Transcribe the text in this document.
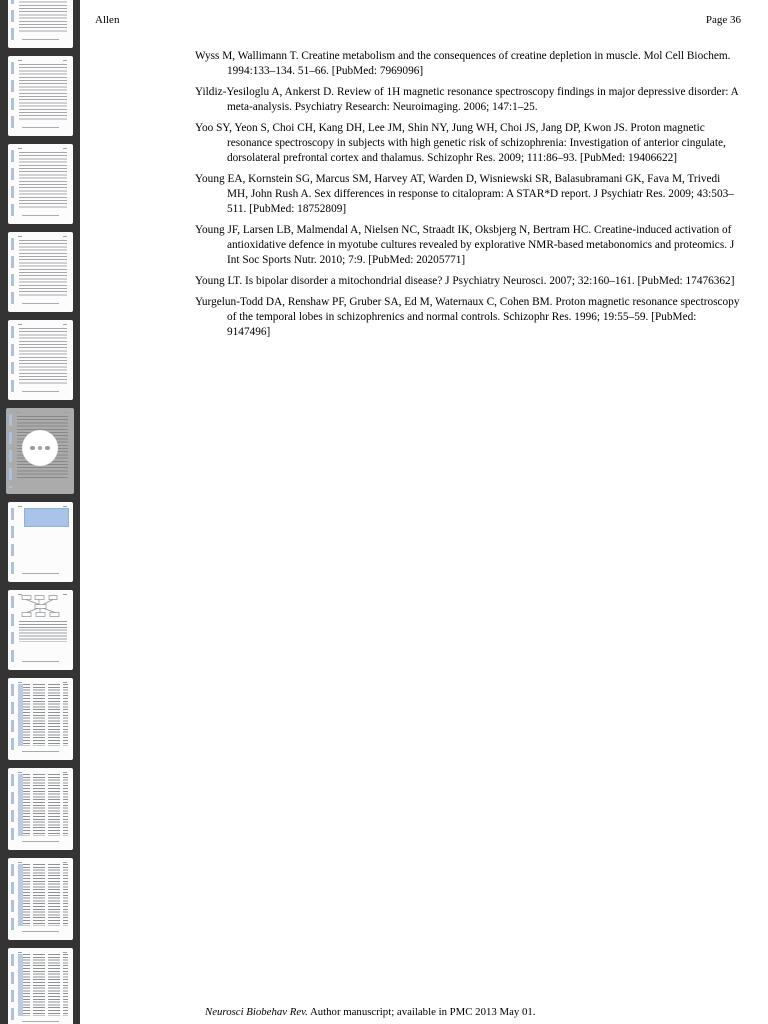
Allen	Page 36

Wyss M, Wallimann T. Creatine metabolism and the consequences of creatine depletion in muscle. Mol Cell Biochem. 1994:133–134. 51–66. [PubMed: 7969096]

Yildiz-Yesiloglu A, Ankerst D. Review of 1H magnetic resonance spectroscopy findings in major depressive disorder: A meta-analysis. Psychiatry Research: Neuroimaging. 2006; 147:1–25.

Yoo SY, Yeon S, Choi CH, Kang DH, Lee JM, Shin NY, Jung WH, Choi JS, Jang DP, Kwon JS. Proton magnetic resonance spectroscopy in subjects with high genetic risk of schizophrenia: Investigation of anterior cingulate, dorsolateral prefrontal cortex and thalamus. Schizophr Res. 2009; 111:86–93. [PubMed: 19406622]

Young EA, Kornstein SG, Marcus SM, Harvey AT, Warden D, Wisniewski SR, Balasubramani GK, Fava M, Trivedi MH, John Rush A. Sex differences in response to citalopram: A STAR*D report. J Psychiatr Res. 2009; 43:503–511. [PubMed: 18752809]

Young JF, Larsen LB, Malmendal A, Nielsen NC, Straadt IK, Oksbjerg N, Bertram HC. Creatine-induced activation of antioxidative defence in myotube cultures revealed by explorative NMR-based metabonomics and proteomics. J Int Soc Sports Nutr. 2010; 7:9. [PubMed: 20205771]

Young LT. Is bipolar disorder a mitochondrial disease? J Psychiatry Neurosci. 2007; 32:160–161. [PubMed: 17476362]

Yurgelun-Todd DA, Renshaw PF, Gruber SA, Ed M, Waternaux C, Cohen BM. Proton magnetic resonance spectroscopy of the temporal lobes in schizophrenics and normal controls. Schizophr Res. 1996; 19:55–59. [PubMed: 9147496]

Neurosci Biobehav Rev. Author manuscript; available in PMC 2013 May 01.
